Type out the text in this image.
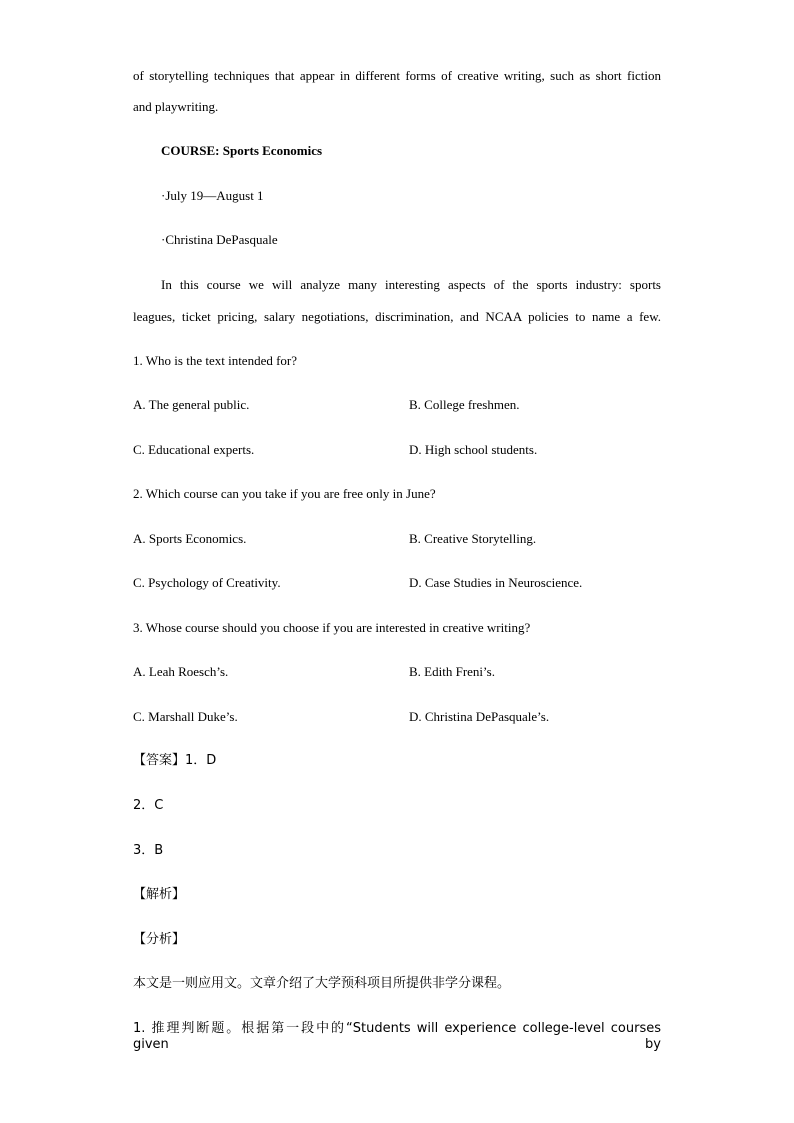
of storytelling techniques that appear in different forms of creative writing, such as short fiction
and playwriting.
COURSE: Sports Economics
·July 19—August 1
·Christina DePasquale
In this course we will analyze many interesting aspects of the sports industry: sports
leagues, ticket pricing, salary negotiations, discrimination, and NCAA policies to name a few.
1. Who is the text intended for?
A. The general public.	B. College freshmen.
C. Educational experts.	D. High school students.
2. Which course can you take if you are free only in June?
A. Sports Economics.	B. Creative Storytelling.
C. Psychology of Creativity.	D. Case Studies in Neuroscience.
3. Whose course should you choose if you are interested in creative writing?
A. Leah Roesch’s.	B. Edith Freni’s.
C. Marshall Duke’s.	D. Christina DePasquale’s.
【答案】1．D
2．C
3．B
【解析】
【分析】
本文是一则应用文。文章介绍了大学预科项目所提供非学分课程。
1. 推理判断题。根据第一段中的“Students will experience college-level courses given by
